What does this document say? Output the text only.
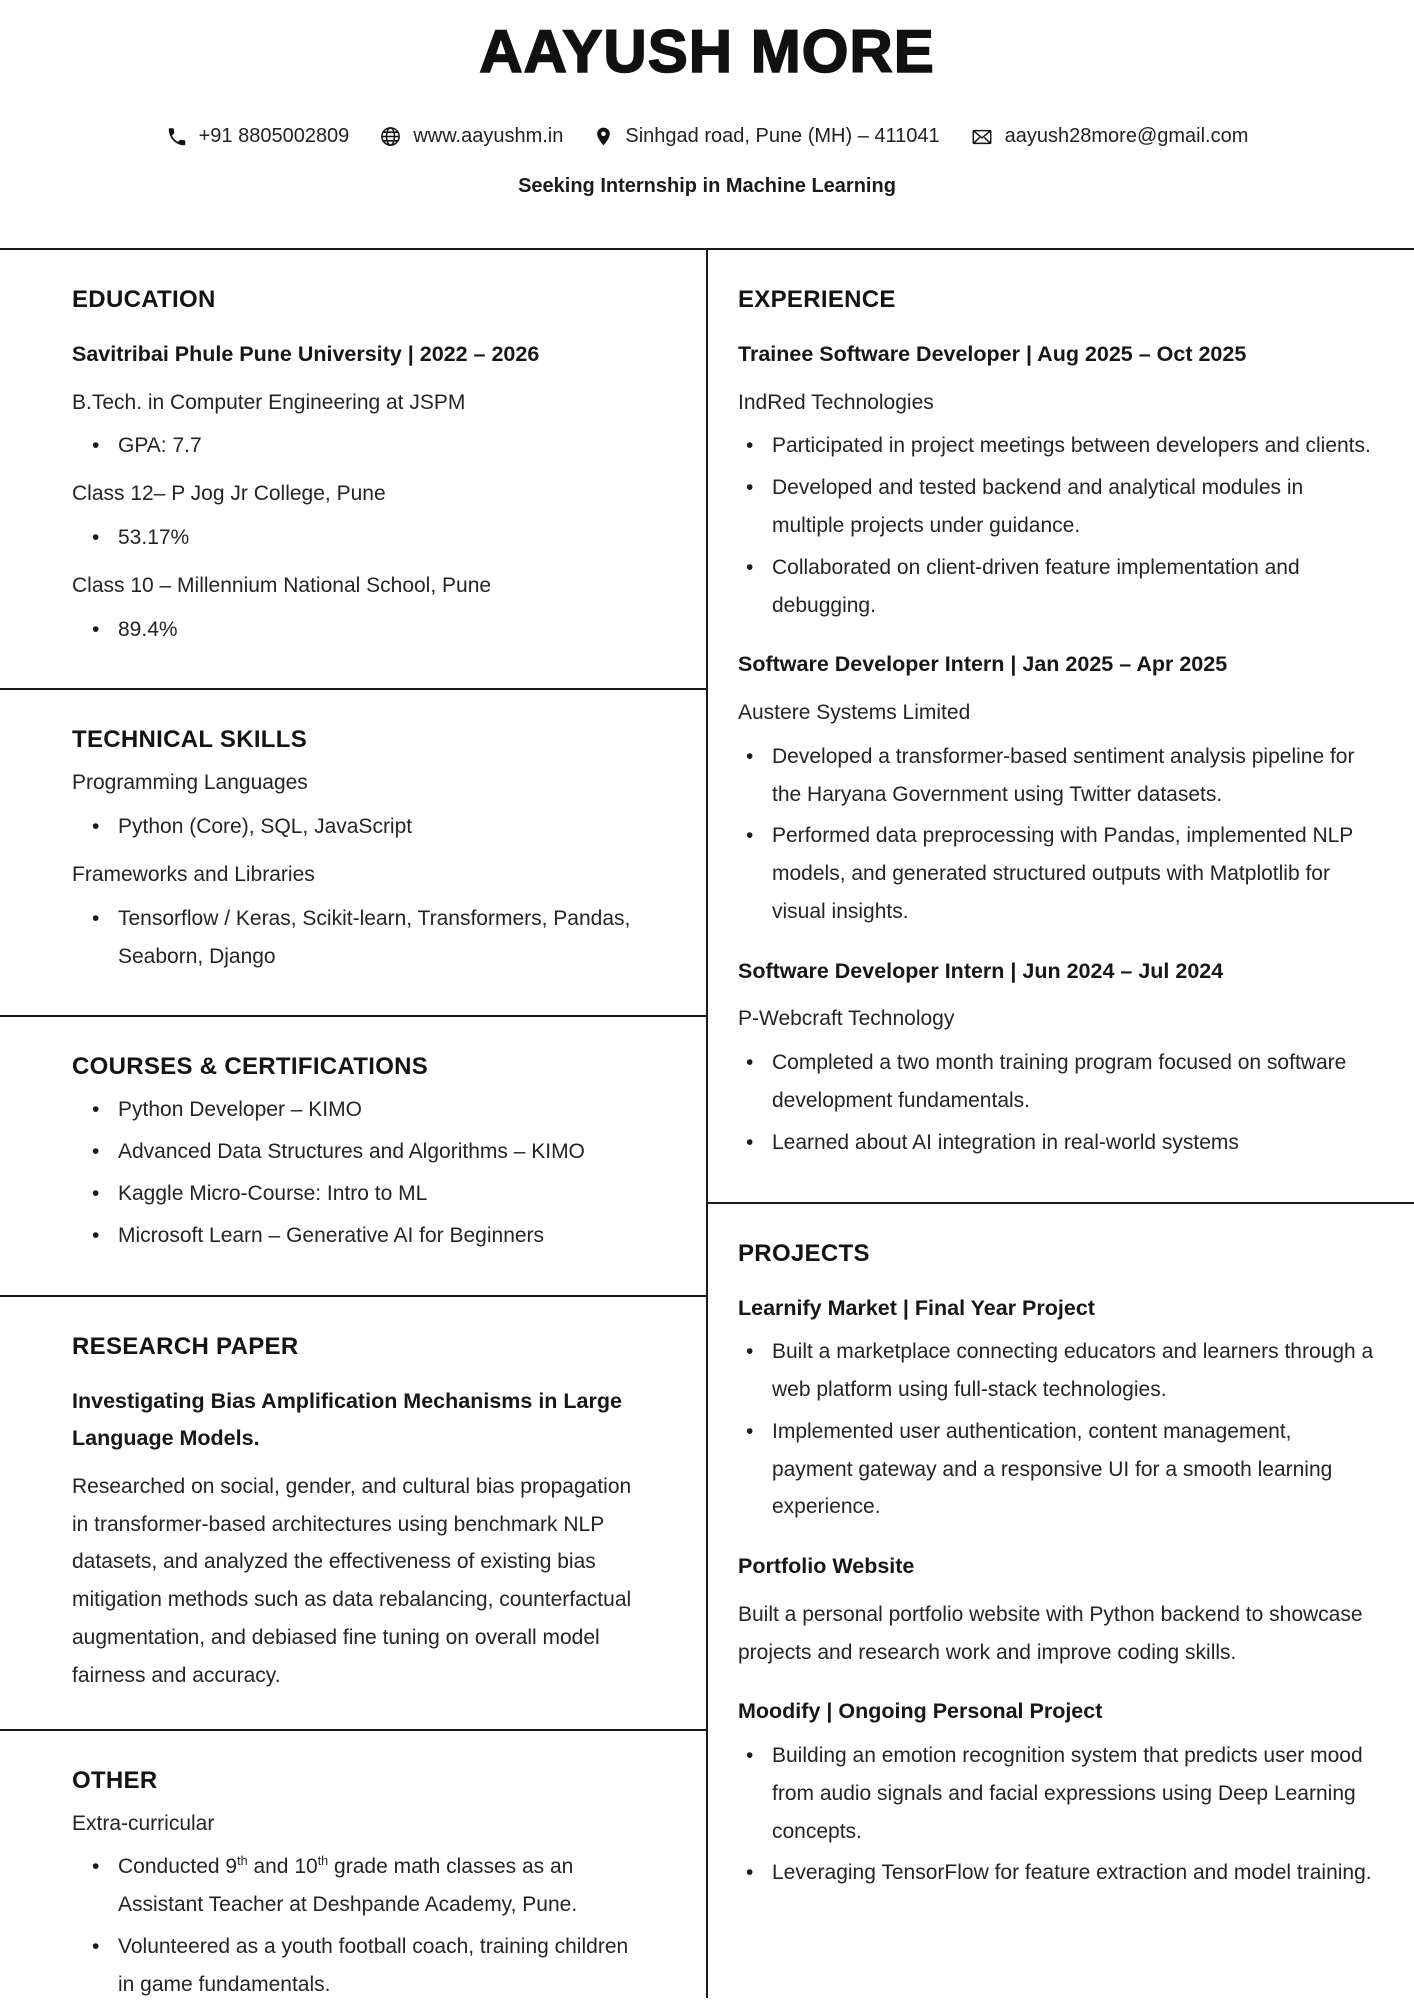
AAYUSH MORE
+91 8805002809	www.aayushm.in	Sinhgad road, Pune (MH) – 411041	aayush28more@gmail.com
Seeking Internship in Machine Learning
EDUCATION
Savitribai Phule Pune University | 2022 – 2026
B.Tech. in Computer Engineering at JSPM
• GPA: 7.7
Class 12– P Jog Jr College, Pune
• 53.17%
Class 10 – Millennium National School, Pune
• 89.4%
TECHNICAL SKILLS
Programming Languages
• Python (Core), SQL, JavaScript
Frameworks and Libraries
• Tensorflow / Keras, Scikit-learn, Transformers, Pandas, Seaborn, Django
COURSES & CERTIFICATIONS
• Python Developer – KIMO
• Advanced Data Structures and Algorithms – KIMO
• Kaggle Micro-Course: Intro to ML
• Microsoft Learn – Generative AI for Beginners
RESEARCH PAPER
Investigating Bias Amplification Mechanisms in Large Language Models.
Researched on social, gender, and cultural bias propagation in transformer-based architectures using benchmark NLP datasets, and analyzed the effectiveness of existing bias mitigation methods such as data rebalancing, counterfactual augmentation, and debiased fine tuning on overall model fairness and accuracy.
OTHER
Extra-curricular
• Conducted 9th and 10th grade math classes as an Assistant Teacher at Deshpande Academy, Pune.
• Volunteered as a youth football coach, training children in game fundamentals.
EXPERIENCE
Trainee Software Developer | Aug 2025 – Oct 2025
IndRed Technologies
• Participated in project meetings between developers and clients.
• Developed and tested backend and analytical modules in multiple projects under guidance.
• Collaborated on client-driven feature implementation and debugging.
Software Developer Intern | Jan 2025 – Apr 2025
Austere Systems Limited
• Developed a transformer-based sentiment analysis pipeline for the Haryana Government using Twitter datasets.
• Performed data preprocessing with Pandas, implemented NLP models, and generated structured outputs with Matplotlib for visual insights.
Software Developer Intern | Jun 2024 – Jul 2024
P-Webcraft Technology
• Completed a two month training program focused on software development fundamentals.
• Learned about AI integration in real-world systems
PROJECTS
Learnify Market | Final Year Project
• Built a marketplace connecting educators and learners through a web platform using full-stack technologies.
• Implemented user authentication, content management, payment gateway and a responsive UI for a smooth learning experience.
Portfolio Website
Built a personal portfolio website with Python backend to showcase projects and research work and improve coding skills.
Moodify | Ongoing Personal Project
• Building an emotion recognition system that predicts user mood from audio signals and facial expressions using Deep Learning concepts.
• Leveraging TensorFlow for feature extraction and model training.
